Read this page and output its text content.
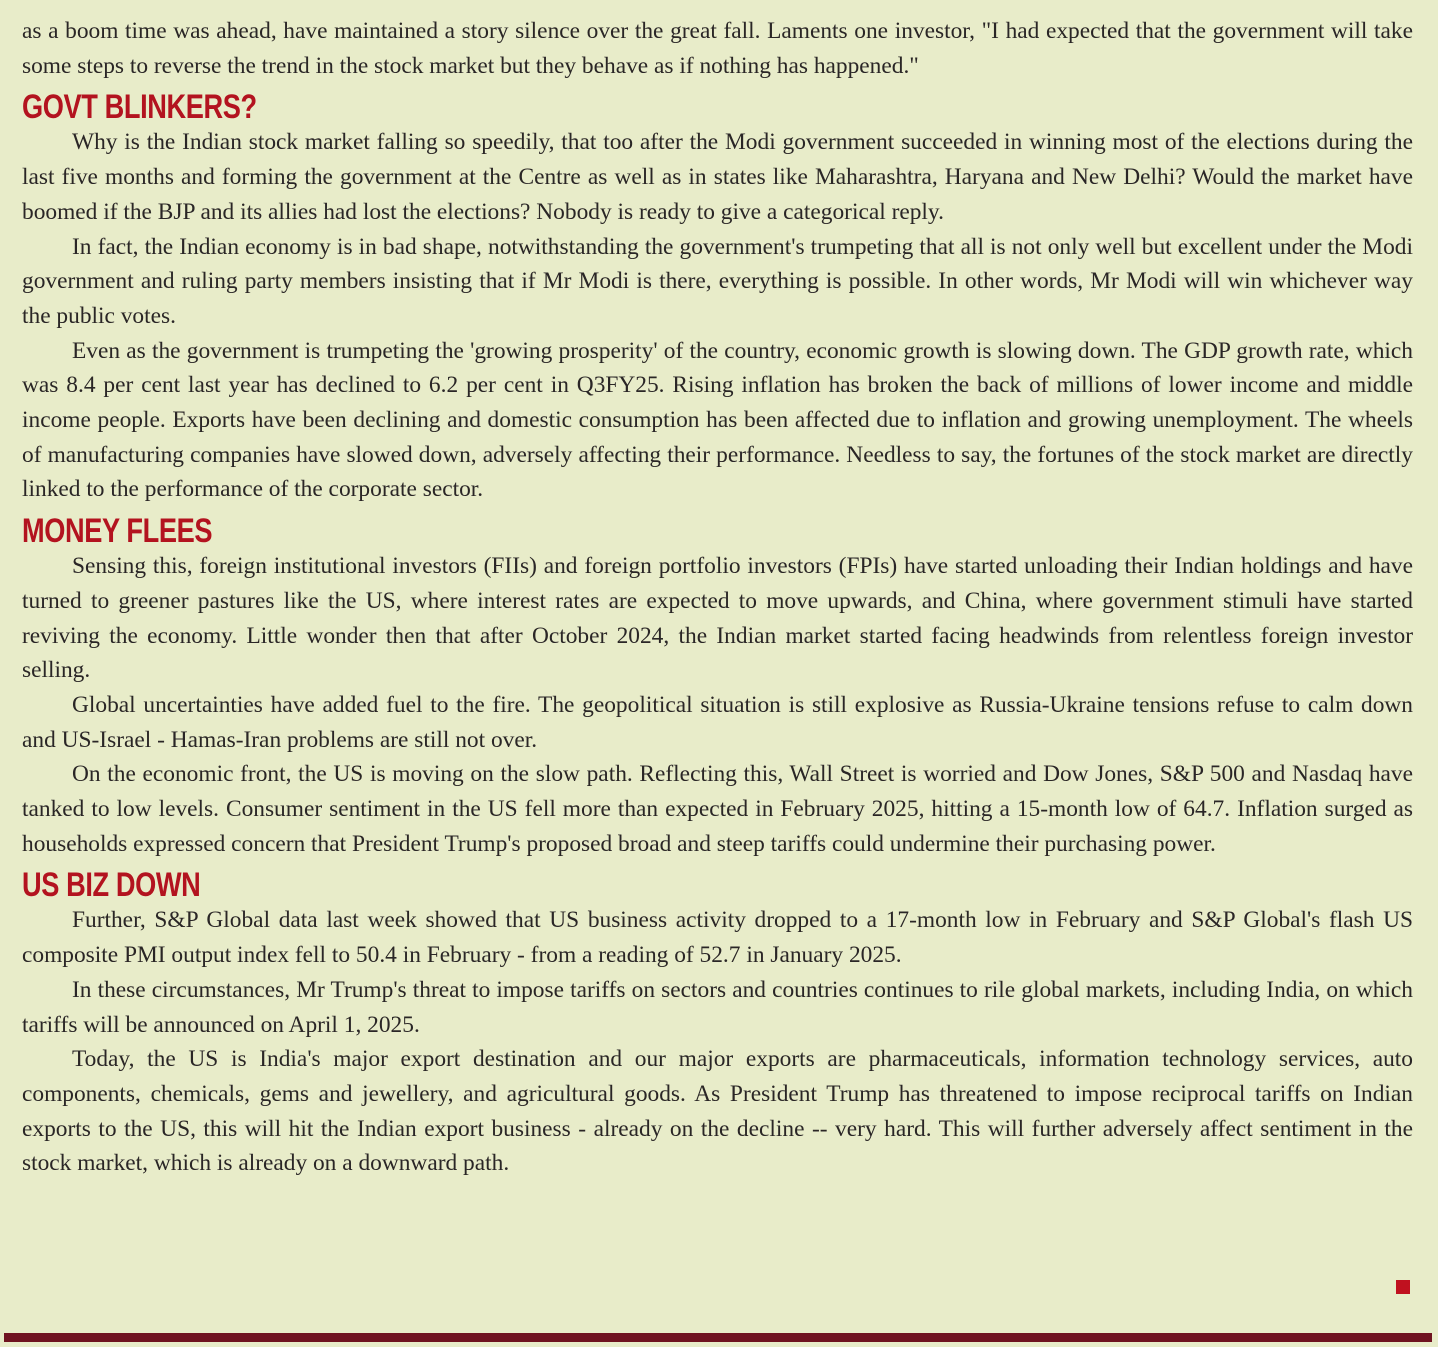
as a boom time was ahead, have maintained a story silence over the great fall. Laments one investor, "I had expected that the government will take some steps to reverse the trend in the stock market but they behave as if nothing has happened."

GOVT BLINKERS?

Why is the Indian stock market falling so speedily, that too after the Modi government succeeded in winning most of the elections during the last five months and forming the government at the Centre as well as in states like Maharashtra, Haryana and New Delhi? Would the market have boomed if the BJP and its allies had lost the elections? Nobody is ready to give a categorical reply.

In fact, the Indian economy is in bad shape, notwithstanding the government's trumpeting that all is not only well but excellent under the Modi government and ruling party members insisting that if Mr Modi is there, everything is possible. In other words, Mr Modi will win whichever way the public votes.

Even as the government is trumpeting the 'growing prosperity' of the country, economic growth is slowing down. The GDP growth rate, which was 8.4 per cent last year has declined to 6.2 per cent in Q3FY25. Rising inflation has broken the back of millions of lower income and middle income people. Exports have been declining and domestic consumption has been affected due to inflation and growing unemployment. The wheels of manufacturing companies have slowed down, adversely affecting their performance. Needless to say, the fortunes of the stock market are directly linked to the performance of the corporate sector.

MONEY FLEES

Sensing this, foreign institutional investors (FIIs) and foreign portfolio investors (FPIs) have started unloading their Indian holdings and have turned to greener pastures like the US, where interest rates are expected to move upwards, and China, where government stimuli have started reviving the economy. Little wonder then that after October 2024, the Indian market started facing headwinds from relentless foreign investor selling.

Global uncertainties have added fuel to the fire. The geopolitical situation is still explosive as Russia-Ukraine tensions refuse to calm down and US-Israel - Hamas-Iran problems are still not over.

On the economic front, the US is moving on the slow path. Reflecting this, Wall Street is worried and Dow Jones, S&P 500 and Nasdaq have tanked to low levels. Consumer sentiment in the US fell more than expected in February 2025, hitting a 15-month low of 64.7. Inflation surged as households expressed concern that President Trump's proposed broad and steep tariffs could undermine their purchasing power.

US BIZ DOWN

Further, S&P Global data last week showed that US business activity dropped to a 17-month low in February and S&P Global's flash US composite PMI output index fell to 50.4 in February - from a reading of 52.7 in January 2025.

In these circumstances, Mr Trump's threat to impose tariffs on sectors and countries continues to rile global markets, including India, on which tariffs will be announced on April 1, 2025.

Today, the US is India's major export destination and our major exports are pharmaceuticals, information technology services, auto components, chemicals, gems and jewellery, and agricultural goods. As President Trump has threatened to impose reciprocal tariffs on Indian exports to the US, this will hit the Indian export business - already on the decline -- very hard. This will further adversely affect sentiment in the stock market, which is already on a downward path.
